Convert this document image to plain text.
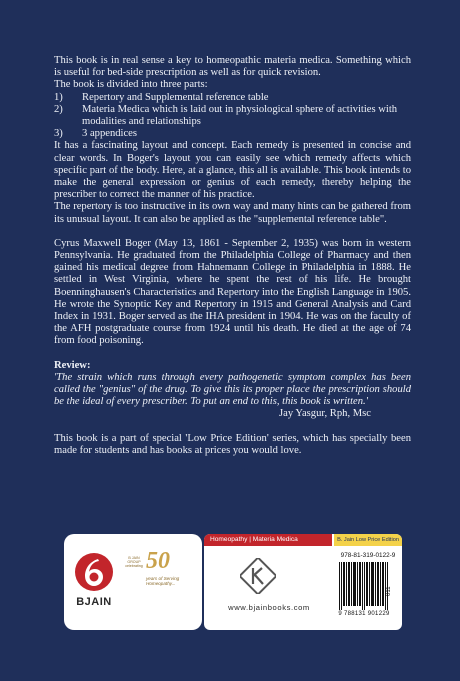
This book is in real sense a key to homeopathic materia medica. Something which is useful for bed-side prescription as well as for quick revision.

The book is divided into three parts:

1)	Repertory and Supplemental reference table
2)	Materia Medica which is laid out in physiological sphere of activities with modalities and relationships
3)	3 appendices

It has a fascinating layout and concept. Each remedy is presented in concise and clear words. In Boger's layout you can easily see which remedy affects which specific part of the body. Here, at a glance, this all is available. This book intends to make the general expression or genius of each remedy, thereby helping the prescriber to correct the manner of his practice.

The repertory is too instructive in its own way and many hints can be gathered from its unusual layout. It can also be applied as the "supplemental reference table".

Cyrus Maxwell Boger (May 13, 1861 - September 2, 1935) was born in western Pennsylvania. He graduated from the Philadelphia College of Pharmacy and then gained his medical degree from Hahnemann College in Philadelphia in 1888. He settled in West Virginia, where he spent the rest of his life. He brought Boenninghausen's Characteristics and Repertory into the English Language in 1905. He wrote the Synoptic Key and Repertory in 1915 and General Analysis and Card Index in 1931. Boger served as the IHA president in 1904. He was on the faculty of the AFH postgraduate course from 1924 until his death. He died at the age of 74 from food poisoning.

Review:

'The strain which runs through every pathogenetic symptom complex has been called the "genius" of the drug. To give this its proper place the prescription should be the ideal of every prescriber. To put an end to this, this book is written.'

Jay Yasgur, Rph, Msc

This book is a part of special 'Low Price Edition' series, which has specially been made for students and has books at prices you would love.

BJAIN
B JAIN GROUP celebrating 50
years of Serving Homeopathy...
Homeopathy | Materia Medica	B. Jain Low Price Edition
www.bjainbooks.com
978-81-319-0122-9
9 788131 901229
011
